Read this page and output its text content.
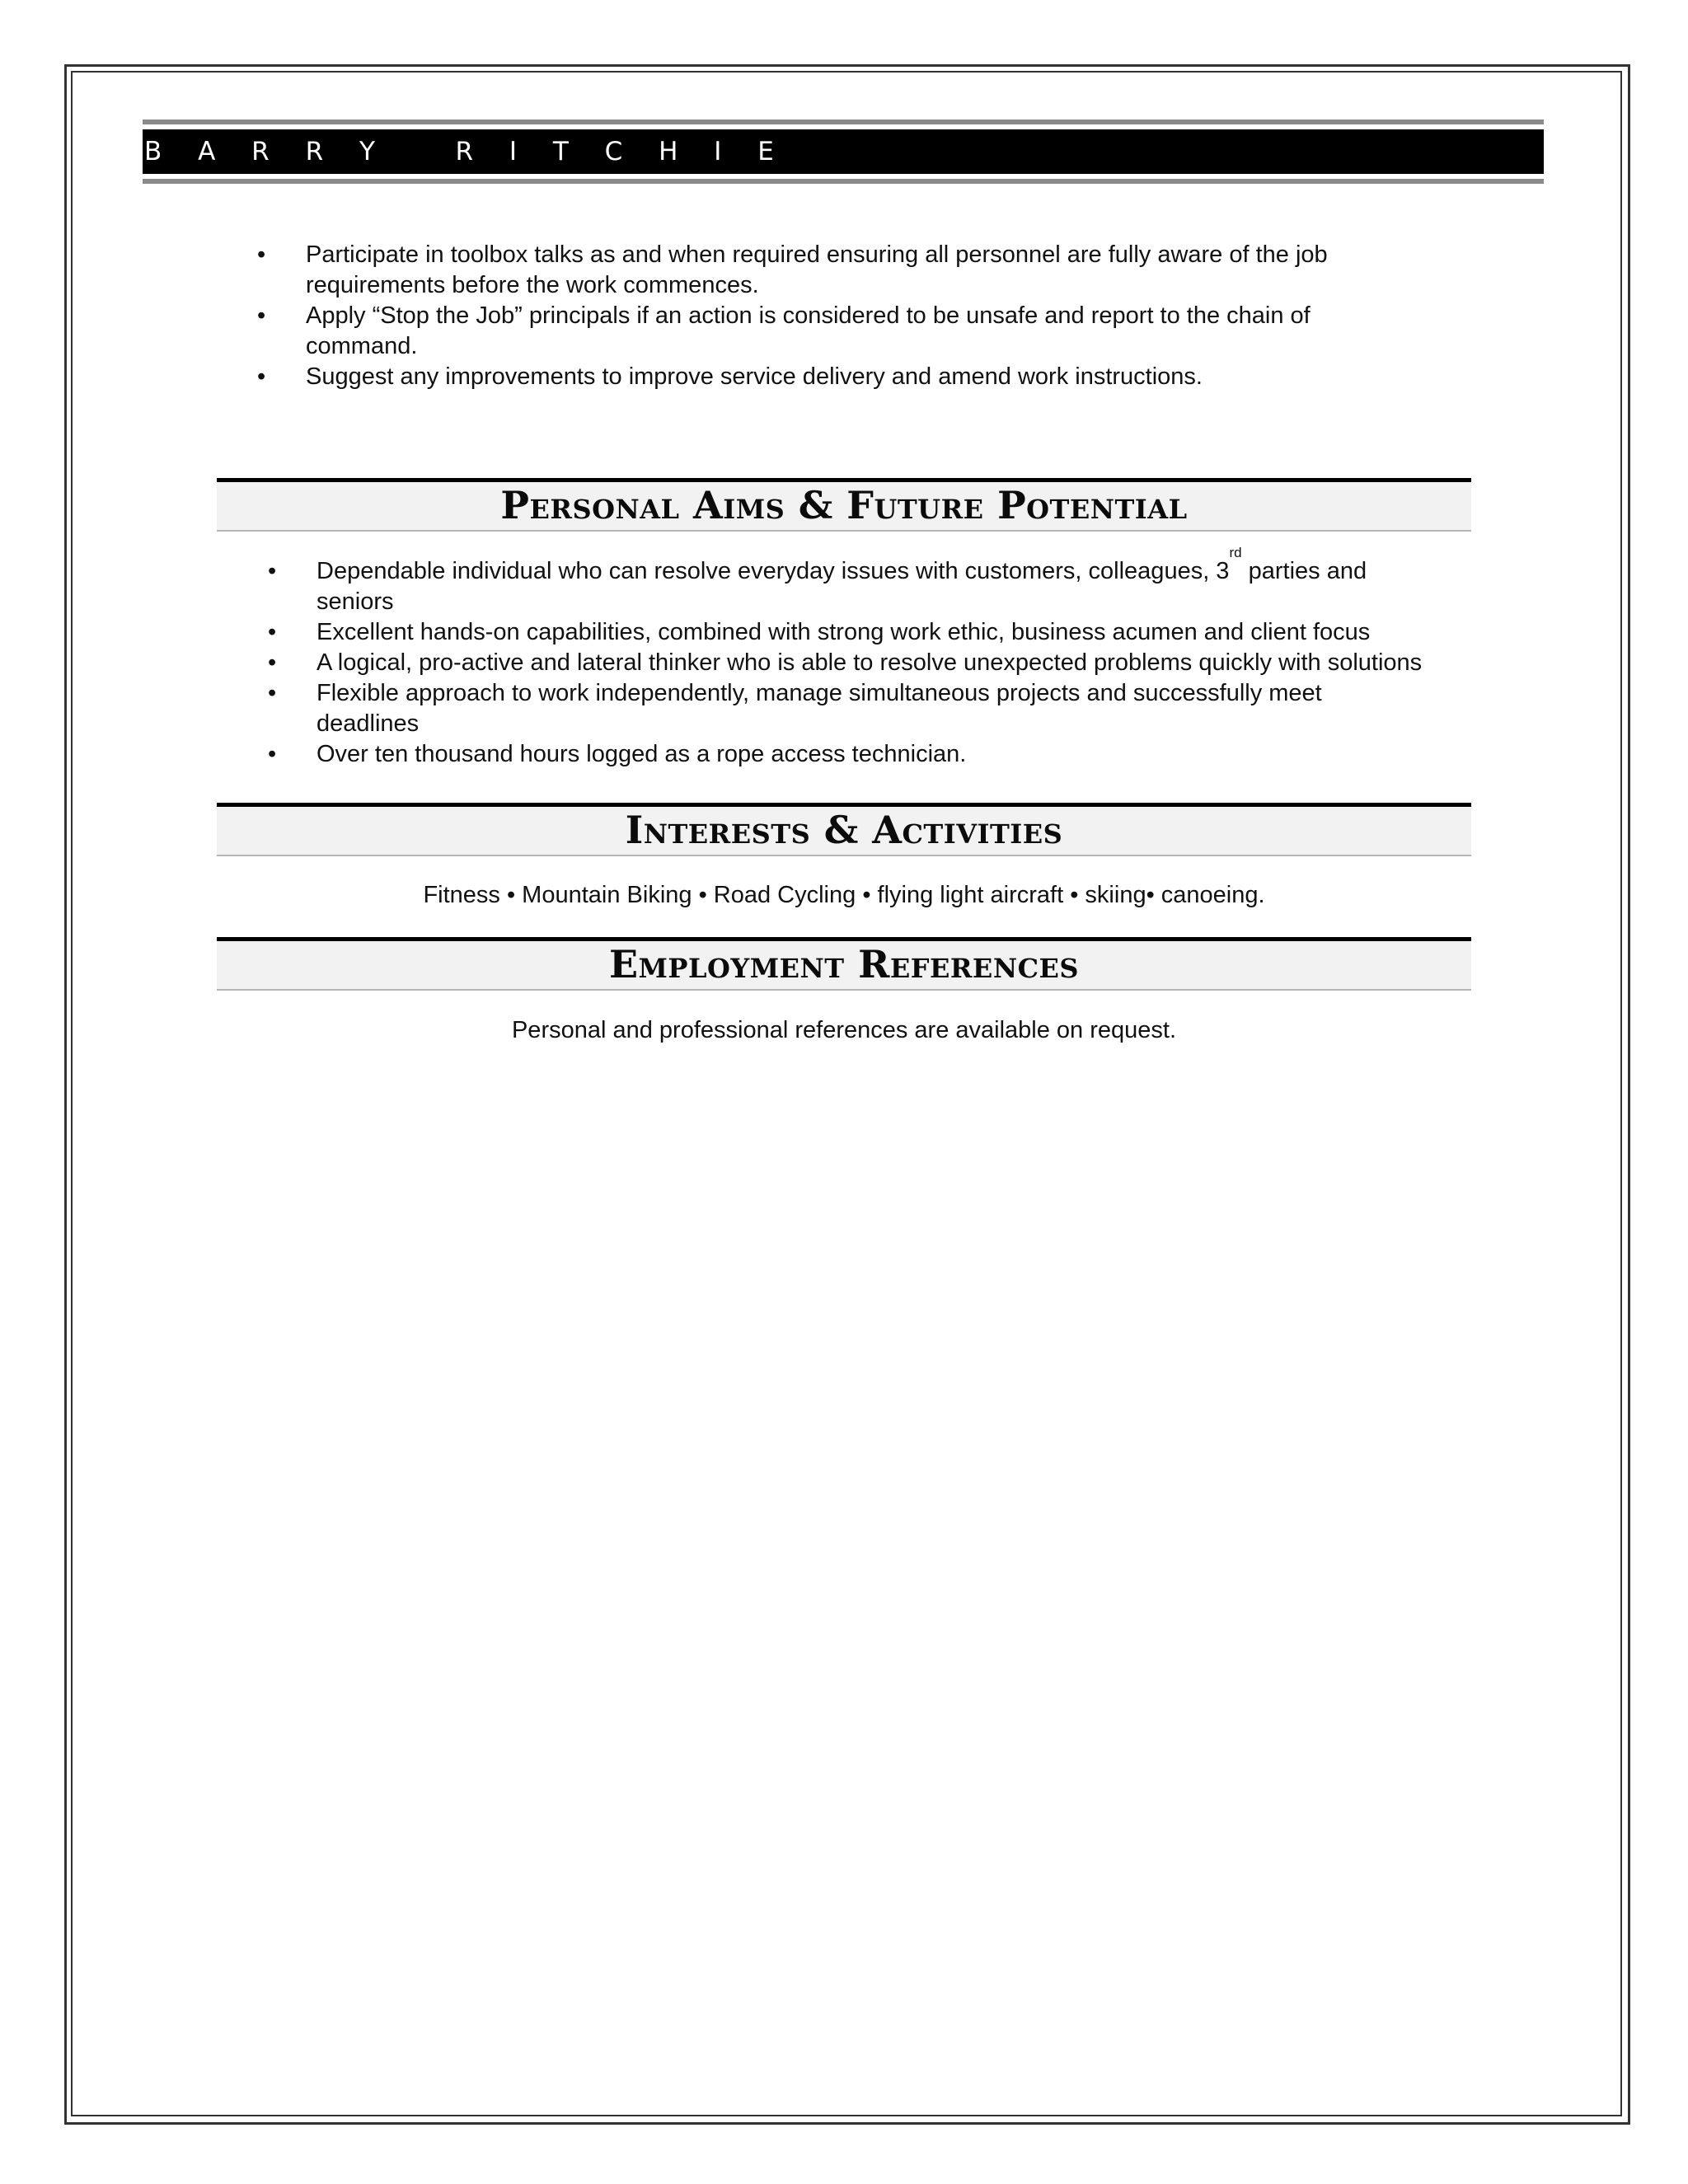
B A R R Y   R I T C H I E
• Participate in toolbox talks as and when required ensuring all personnel are fully aware of the job
requirements before the work commences.
• Apply “Stop the Job” principals if an action is considered to be unsafe and report to the chain of
command.
• Suggest any improvements to improve service delivery and amend work instructions.
Personal Aims & Future Potential
• Dependable individual who can resolve everyday issues with customers, colleagues, 3rd parties and
seniors
• Excellent hands-on capabilities, combined with strong work ethic, business acumen and client focus
• A logical, pro-active and lateral thinker who is able to resolve unexpected problems quickly with solutions
• Flexible approach to work independently, manage simultaneous projects and successfully meet
deadlines
• Over ten thousand hours logged as a rope access technician.
Interests & Activities
Fitness • Mountain Biking • Road Cycling • flying light aircraft • skiing• canoeing.
Employment References
Personal and professional references are available on request.
